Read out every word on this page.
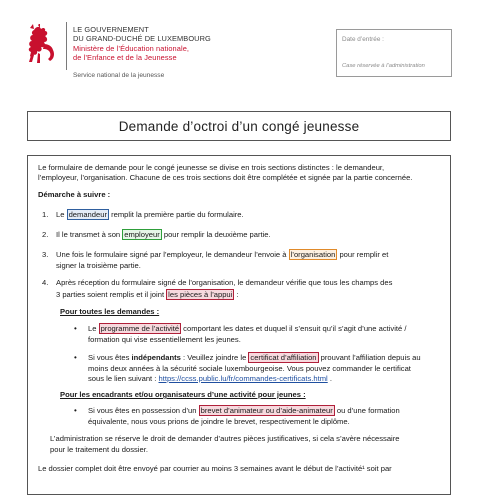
LE GOUVERNEMENT
DU GRAND-DUCHÉ DE LUXEMBOURG
Ministère de l’Éducation nationale,
de l’Enfance et de la Jeunesse
Service national de la jeunesse
Date d’entrée :
Case réservée à l’administration
Demande d’octroi d’un congé jeunesse
Le formulaire de demande pour le congé jeunesse se divise en trois sections distinctes : le demandeur,
l’employeur, l’organisation. Chacune de ces trois sections doit être complétée et signée par la partie concernée.
Démarche à suivre :
1. Le demandeur remplit la première partie du formulaire.
2. Il le transmet à son employeur pour remplir la deuxième partie.
3. Une fois le formulaire signé par l’employeur, le demandeur l’envoie à l’organisation pour remplir et
signer la troisième partie.
4. Après réception du formulaire signé de l’organisation, le demandeur vérifie que tous les champs des
3 parties soient remplis et il joint les pièces à l’appui :
Pour toutes les demandes :
• Le programme de l’activité comportant les dates et duquel il s’ensuit qu’il s’agit d’une activité /
formation qui vise essentiellement les jeunes.
• Si vous êtes indépendants : Veuillez joindre le certificat d’affiliation prouvant l’affiliation depuis au
moins deux années à la sécurité sociale luxembourgeoise. Vous pouvez commander le certificat
sous le lien suivant : https://ccss.public.lu/fr/commandes-certificats.html .
Pour les encadrants et/ou organisateurs d’une activité pour jeunes :
• Si vous êtes en possession d’un brevet d’animateur ou d’aide-animateur ou d’une formation
équivalente, nous vous prions de joindre le brevet, respectivement le diplôme.
L’administration se réserve le droit de demander d’autres pièces justificatives, si cela s’avère nécessaire
pour le traitement du dossier.
Le dossier complet doit être envoyé par courrier au moins 3 semaines avant le début de l’activité¹ soit par
